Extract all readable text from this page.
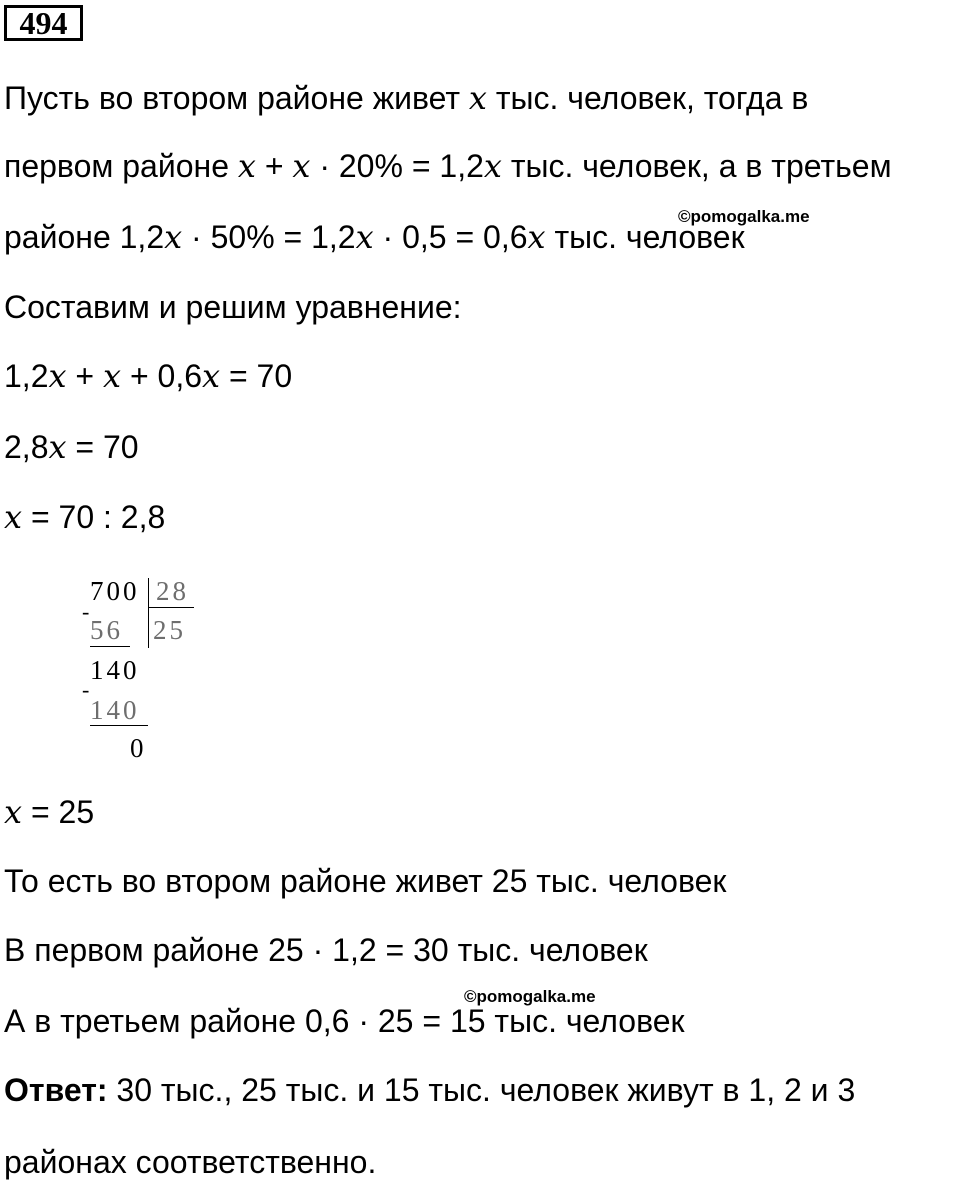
494
Пусть во втором районе живет x тыс. человек, тогда в
первом районе x + x · 20% = 1,2x тыс. человек, а в третьем
районе 1,2x · 50% = 1,2x · 0,5 = 0,6x тыс. человек
Составим и решим уравнение:
1,2x + x + 0,6x = 70
2,8x = 70
x = 70 : 2,8
x = 25
То есть во втором районе живет 25 тыс. человек
В первом районе 25 · 1,2 = 30 тыс. человек
А в третьем районе 0,6 · 25 = 15 тыс. человек
Ответ: 30 тыс., 25 тыс. и 15 тыс. человек живут в 1, 2 и 3
районах соответственно.
700 28
-
56 25
140
-
140
0
©pomogalka.me
©pomogalka.me
